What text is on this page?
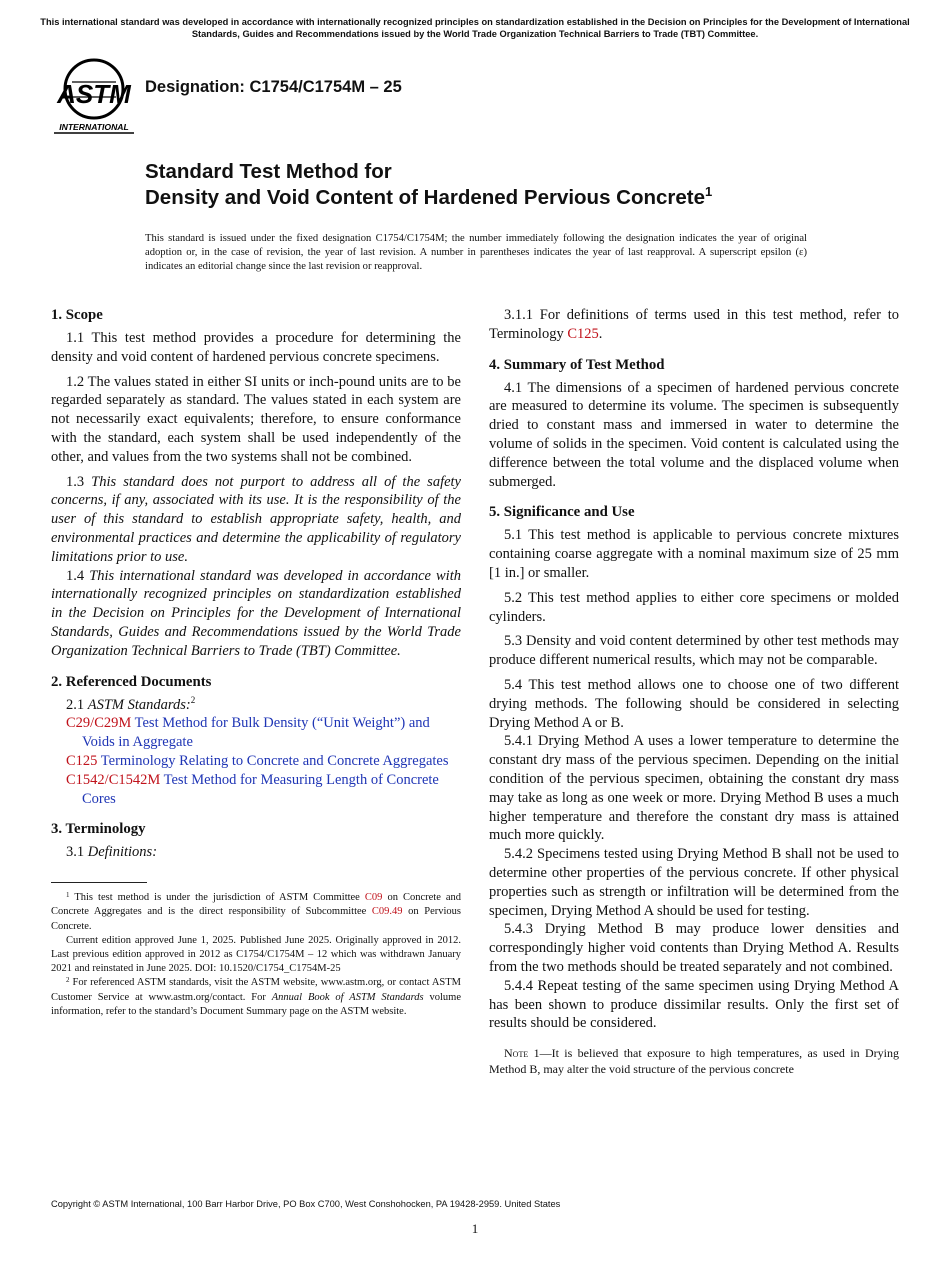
This international standard was developed in accordance with internationally recognized principles on standardization established in the Decision on Principles for the Development of International Standards, Guides and Recommendations issued by the World Trade Organization Technical Barriers to Trade (TBT) Committee.
ASTM
INTERNATIONAL
Designation: C1754/C1754M – 25
Standard Test Method for
Density and Void Content of Hardened Pervious Concrete$^1$
This standard is issued under the fixed designation C1754/C1754M; the number immediately following the designation indicates the year of original adoption or, in the case of revision, the year of last revision. A number in parentheses indicates the year of last reapproval. A superscript epsilon (ε) indicates an editorial change since the last revision or reapproval.
1. Scope

1.1 This test method provides a procedure for determining the density and void content of hardened pervious concrete specimens.

1.2 The values stated in either SI units or inch-pound units are to be regarded separately as standard. The values stated in each system are not necessarily exact equivalents; therefore, to ensure conformance with the standard, each system shall be used independently of the other, and values from the two systems shall not be combined.

1.3 This standard does not purport to address all of the safety concerns, if any, associated with its use. It is the responsibility of the user of this standard to establish appropriate safety, health, and environmental practices and determine the applicability of regulatory limitations prior to use.

1.4 This international standard was developed in accordance with internationally recognized principles on standardization established in the Decision on Principles for the Development of International Standards, Guides and Recommendations issued by the World Trade Organization Technical Barriers to Trade (TBT) Committee.

2. Referenced Documents

2.1 ASTM Standards:$^2$

C29/C29M Test Method for Bulk Density (“Unit Weight”) and Voids in Aggregate

C125 Terminology Relating to Concrete and Concrete Aggregates

C1542/C1542M Test Method for Measuring Length of Concrete Cores

3. Terminology

3.1 Definitions:

$^1$ This test method is under the jurisdiction of ASTM Committee C09 on Concrete and Concrete Aggregates and is the direct responsibility of Subcommittee C09.49 on Pervious Concrete.

Current edition approved June 1, 2025. Published June 2025. Originally approved in 2012. Last previous edition approved in 2012 as C1754/C1754M – 12 which was withdrawn January 2021 and reinstated in June 2025. DOI: 10.1520/C1754_C1754M-25

$^2$ For referenced ASTM standards, visit the ASTM website, www.astm.org, or contact ASTM Customer Service at www.astm.org/contact. For Annual Book of ASTM Standards volume information, refer to the standard’s Document Summary page on the ASTM website.

3.1.1 For definitions of terms used in this test method, refer to Terminology C125.

4. Summary of Test Method

4.1 The dimensions of a specimen of hardened pervious concrete are measured to determine its volume. The specimen is subsequently dried to constant mass and immersed in water to determine the volume of solids in the specimen. Void content is calculated using the difference between the total volume and the displaced volume when submerged.

5. Significance and Use

5.1 This test method is applicable to pervious concrete mixtures containing coarse aggregate with a nominal maximum size of 25 mm [1 in.] or smaller.

5.2 This test method applies to either core specimens or molded cylinders.

5.3 Density and void content determined by other test methods may produce different numerical results, which may not be comparable.

5.4 This test method allows one to choose one of two different drying methods. The following should be considered in selecting Drying Method A or B.

5.4.1 Drying Method A uses a lower temperature to determine the constant dry mass of the pervious specimen. Depending on the initial condition of the pervious specimen, obtaining the constant dry mass may take as long as one week or more. Drying Method B uses a much higher temperature and therefore the constant dry mass is attained much more quickly.

5.4.2 Specimens tested using Drying Method B shall not be used to determine other properties of the pervious concrete. If other physical properties such as strength or infiltration will be determined from the specimen, Drying Method A should be used for testing.

5.4.3 Drying Method B may produce lower densities and correspondingly higher void contents than Drying Method A. Results from the two methods should be treated separately and not combined.

5.4.4 Repeat testing of the same specimen using Drying Method A has been shown to produce dissimilar results. Only the first set of results should be considered.

Note 1—It is believed that exposure to high temperatures, as used in Drying Method B, may alter the void structure of the pervious concrete

Copyright © ASTM International, 100 Barr Harbor Drive, PO Box C700, West Conshohocken, PA 19428-2959. United States
1
